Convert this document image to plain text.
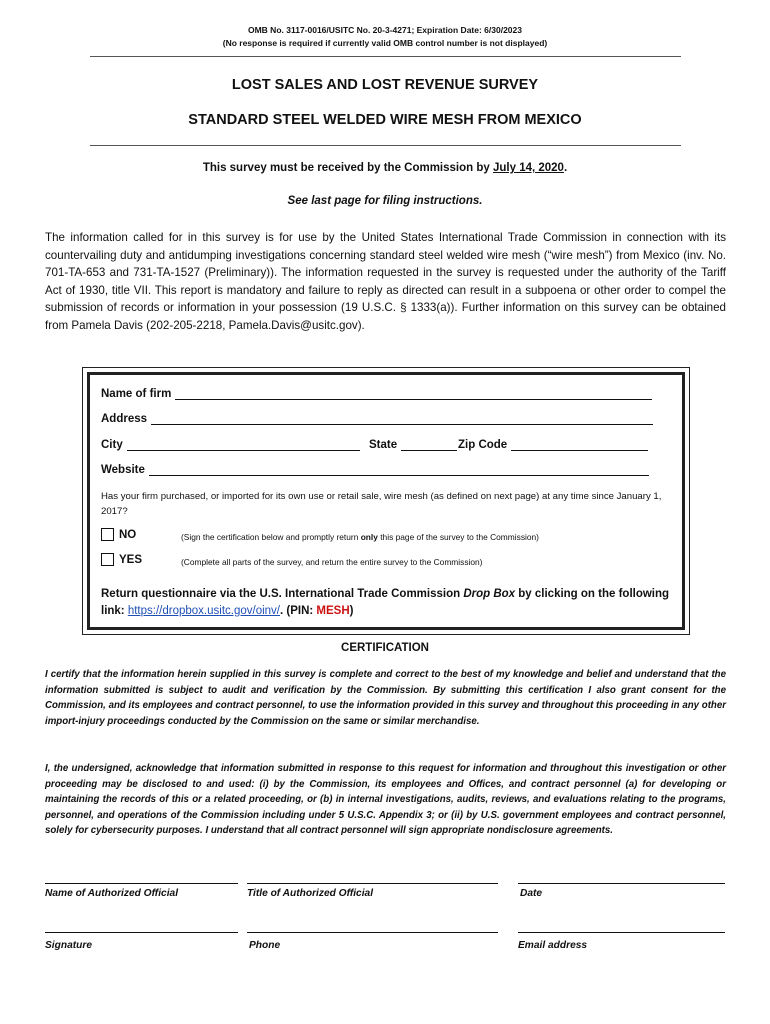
OMB No. 3117-0016/USITC No. 20-3-4271; Expiration Date: 6/30/2023
(No response is required if currently valid OMB control number is not displayed)
LOST SALES AND LOST REVENUE SURVEY
STANDARD STEEL WELDED WIRE MESH FROM MEXICO
This survey must be received by the Commission by July 14, 2020.
See last page for filing instructions.
The information called for in this survey is for use by the United States International Trade Commission in connection with its countervailing duty and antidumping investigations concerning standard steel welded wire mesh (“wire mesh”) from Mexico (inv. No. 701-TA-653 and 731-TA-1527 (Preliminary)). The information requested in the survey is requested under the authority of the Tariff Act of 1930, title VII. This report is mandatory and failure to reply as directed can result in a subpoena or other order to compel the submission of records or information in your possession (19 U.S.C. § 1333(a)). Further information on this survey can be obtained from Pamela Davis (202-205-2218, Pamela.Davis@usitc.gov).
Name of firm
Address
City	State	Zip Code
Website
Has your firm purchased, or imported for its own use or retail sale, wire mesh (as defined on next page) at any time since January 1, 2017?
NO	(Sign the certification below and promptly return only this page of the survey to the Commission)
YES	(Complete all parts of the survey, and return the entire survey to the Commission)
Return questionnaire via the U.S. International Trade Commission Drop Box by clicking on the following link: https://dropbox.usitc.gov/oinv/. (PIN: MESH)
CERTIFICATION
I certify that the information herein supplied in this survey is complete and correct to the best of my knowledge and belief and understand that the information submitted is subject to audit and verification by the Commission. By submitting this certification I also grant consent for the Commission, and its employees and contract personnel, to use the information provided in this survey and throughout this proceeding in any other import-injury proceedings conducted by the Commission on the same or similar merchandise.
I, the undersigned, acknowledge that information submitted in response to this request for information and throughout this investigation or other proceeding may be disclosed to and used: (i) by the Commission, its employees and Offices, and contract personnel (a) for developing or maintaining the records of this or a related proceeding, or (b) in internal investigations, audits, reviews, and evaluations relating to the programs, personnel, and operations of the Commission including under 5 U.S.C. Appendix 3; or (ii) by U.S. government employees and contract personnel, solely for cybersecurity purposes. I understand that all contract personnel will sign appropriate nondisclosure agreements.
Name of Authorized Official	Title of Authorized Official	Date
Signature	Phone	Email address
